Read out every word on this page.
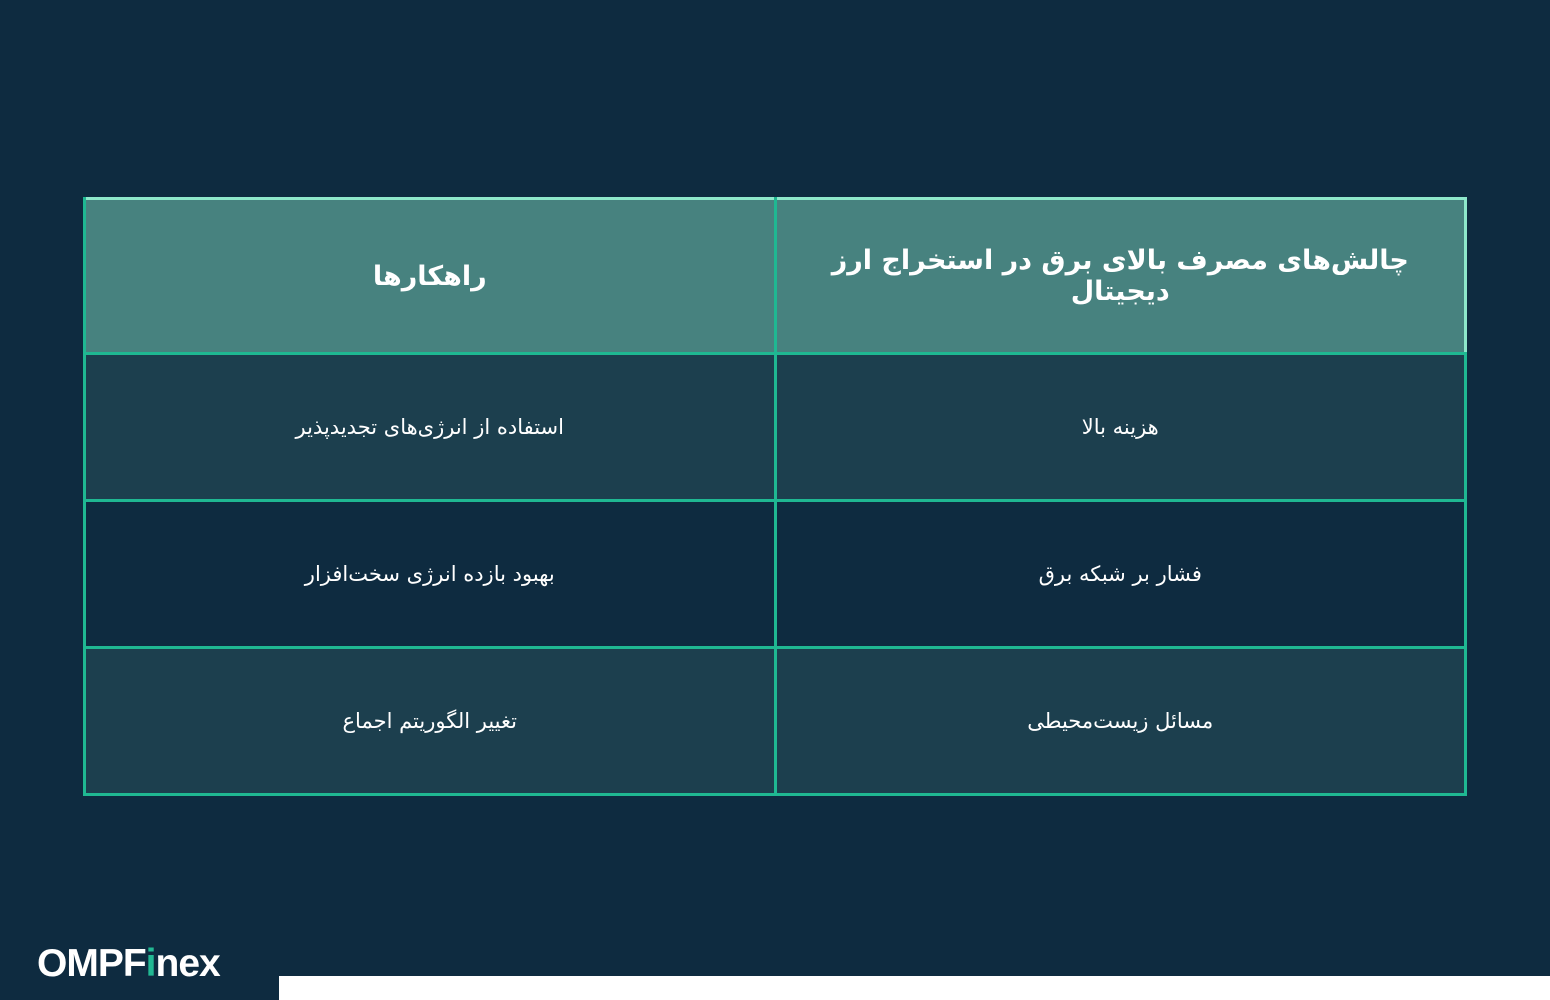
چالش‌های مصرف بالای برق در استخراج ارز دیجیتال	راهکارها
هزینه بالا	استفاده از انرژی‌های تجدیدپذیر
فشار بر شبکه برق	بهبود بازده انرژی سخت‌افزار
مسائل زیست‌محیطی	تغییر الگوریتم اجماع
OMPFinex
